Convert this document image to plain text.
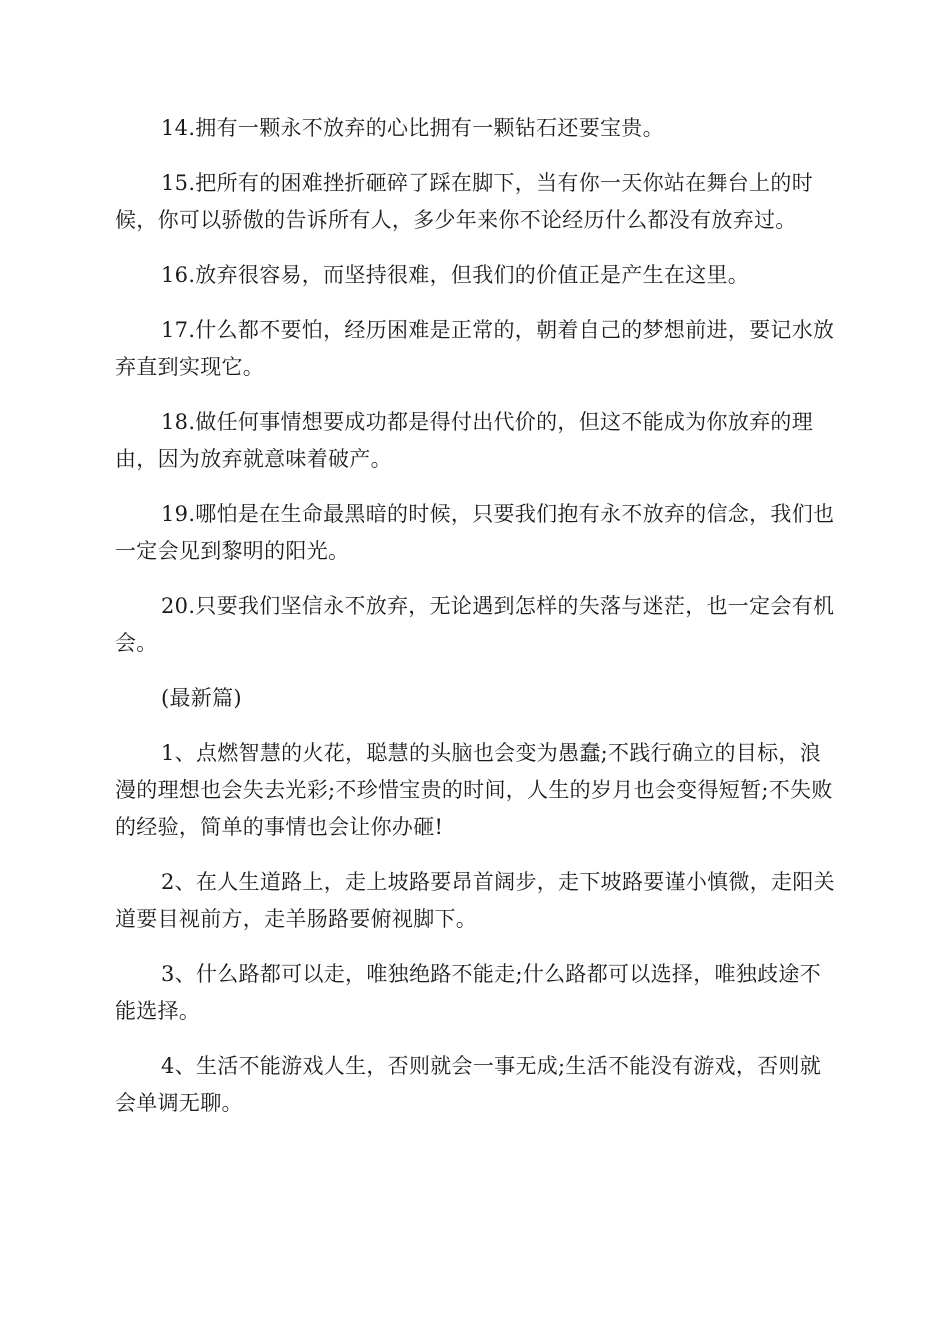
14.拥有一颗永不放弃的心比拥有一颗钻石还要宝贵。

15.把所有的困难挫折砸碎了踩在脚下，当有你一天你站在舞台上的时候，你可以骄傲的告诉所有人，多少年来你不论经历什么都没有放弃过。

16.放弃很容易，而坚持很难，但我们的价值正是产生在这里。

17.什么都不要怕，经历困难是正常的，朝着自己的梦想前进，要记水放弃直到实现它。

18.做任何事情想要成功都是得付出代价的，但这不能成为你放弃的理由，因为放弃就意味着破产。

19.哪怕是在生命最黑暗的时候，只要我们抱有永不放弃的信念，我们也一定会见到黎明的阳光。

20.只要我们坚信永不放弃，无论遇到怎样的失落与迷茫，也一定会有机会。

(最新篇)

1、点燃智慧的火花，聪慧的头脑也会变为愚蠢;不践行确立的目标，浪漫的理想也会失去光彩;不珍惜宝贵的时间，人生的岁月也会变得短暂;不失败的经验，简单的事情也会让你办砸!

2、在人生道路上，走上坡路要昂首阔步，走下坡路要谨小慎微，走阳关道要目视前方，走羊肠路要俯视脚下。

3、什么路都可以走，唯独绝路不能走;什么路都可以选择，唯独歧途不能选择。

4、生活不能游戏人生，否则就会一事无成;生活不能没有游戏，否则就会单调无聊。
